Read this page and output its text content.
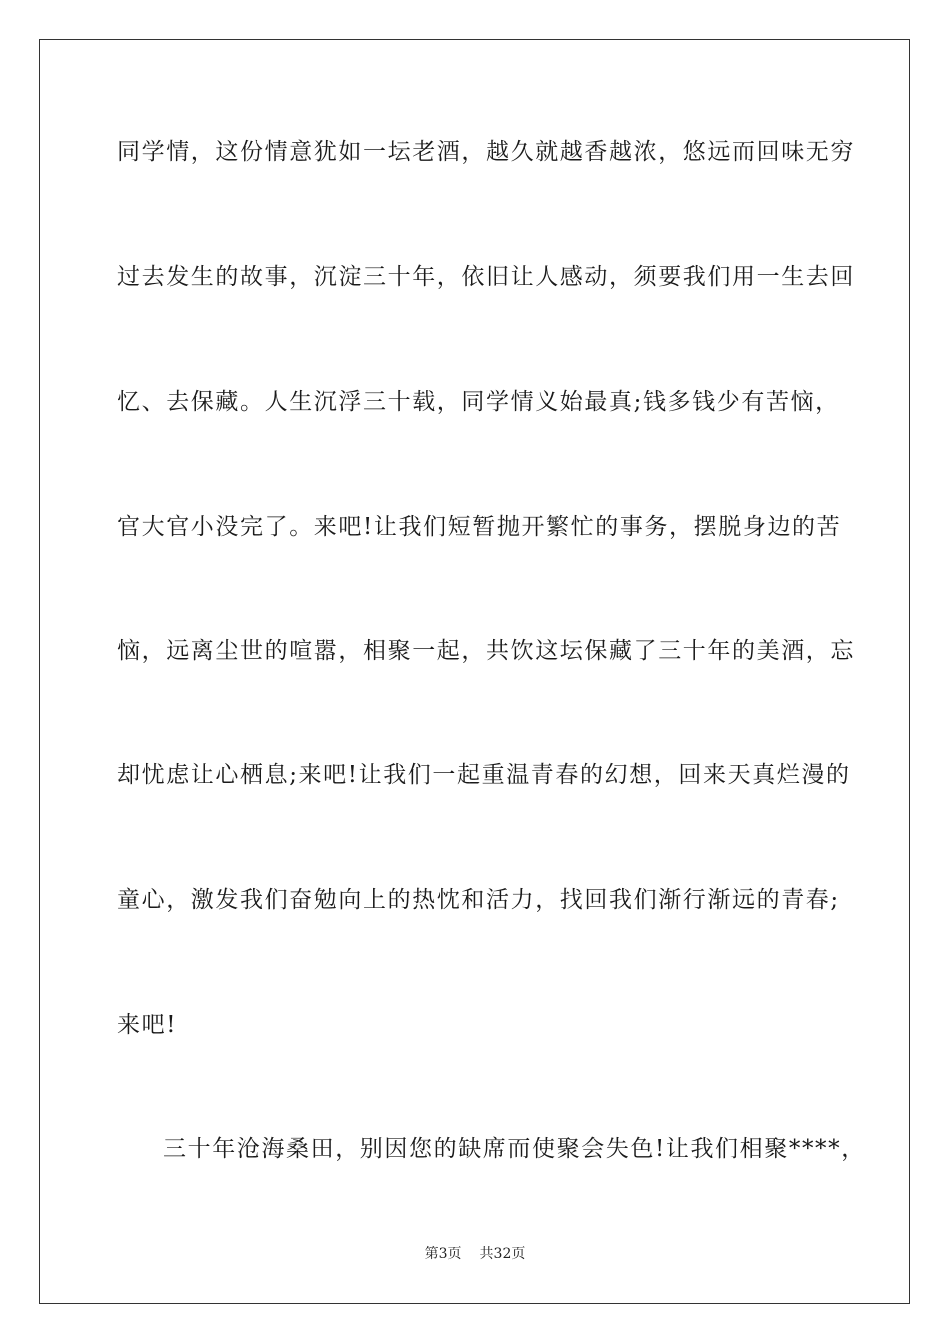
同学情，这份情意犹如一坛老酒，越久就越香越浓，悠远而回味无穷
过去发生的故事，沉淀三十年，依旧让人感动，须要我们用一生去回
忆、去保藏。人生沉浮三十载，同学情义始最真;钱多钱少有苦恼，
官大官小没完了。来吧!让我们短暂抛开繁忙的事务，摆脱身边的苦
恼，远离尘世的喧嚣，相聚一起，共饮这坛保藏了三十年的美酒，忘
却忧虑让心栖息;来吧!让我们一起重温青春的幻想，回来天真烂漫的
童心，激发我们奋勉向上的热忱和活力，找回我们渐行渐远的青春;
来吧!
三十年沧海桑田，别因您的缺席而使聚会失色!让我们相聚****，
第3页 共32页
